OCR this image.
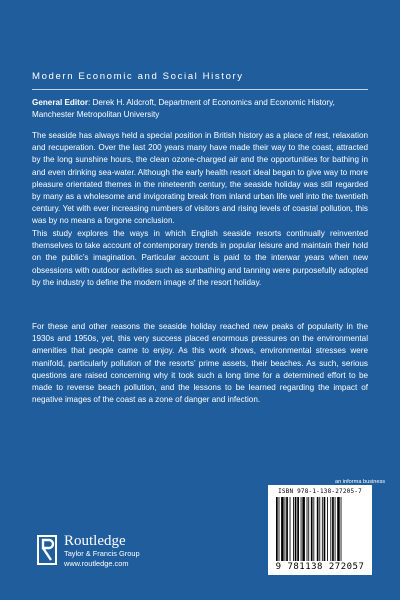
Modern Economic and Social History
General Editor: Derek H. Aldcroft, Department of Economics and Economic History, Manchester Metropolitan University
The seaside has always held a special position in British history as a place of rest, relaxation and recuperation. Over the last 200 years many have made their way to the coast, attracted by the long sunshine hours, the clean ozone-charged air and the opportunities for bathing in and even drinking sea-water. Although the early health resort ideal began to give way to more pleasure orientated themes in the nineteenth century, the seaside holiday was still regarded by many as a wholesome and invigorating break from inland urban life well into the twentieth century. Yet with ever increasing numbers of visitors and rising levels of coastal pollution, this was by no means a forgone conclusion.
This study explores the ways in which English seaside resorts continually reinvented themselves to take account of contemporary trends in popular leisure and maintain their hold on the public’s imagination. Particular account is paid to the interwar years when new obsessions with outdoor activities such as sunbathing and tanning were purposefully adopted by the industry to define the modern image of the resort holiday.
For these and other reasons the seaside holiday reached new peaks of popularity in the 1930s and 1950s, yet, this very success placed enormous pressures on the environmental amenities that people came to enjoy. As this work shows, environmental stresses were manifold, particularly pollution of the resorts’ prime assets, their beaches. As such, serious questions are raised concerning why it took such a long time for a determined effort to be made to reverse beach pollution, and the lessons to be learned regarding the impact of negative images of the coast as a zone of danger and infection.
an informa business
ISBN 978-1-138-27205-7
9 781138 272057
Routledge
Taylor & Francis Group
www.routledge.com
